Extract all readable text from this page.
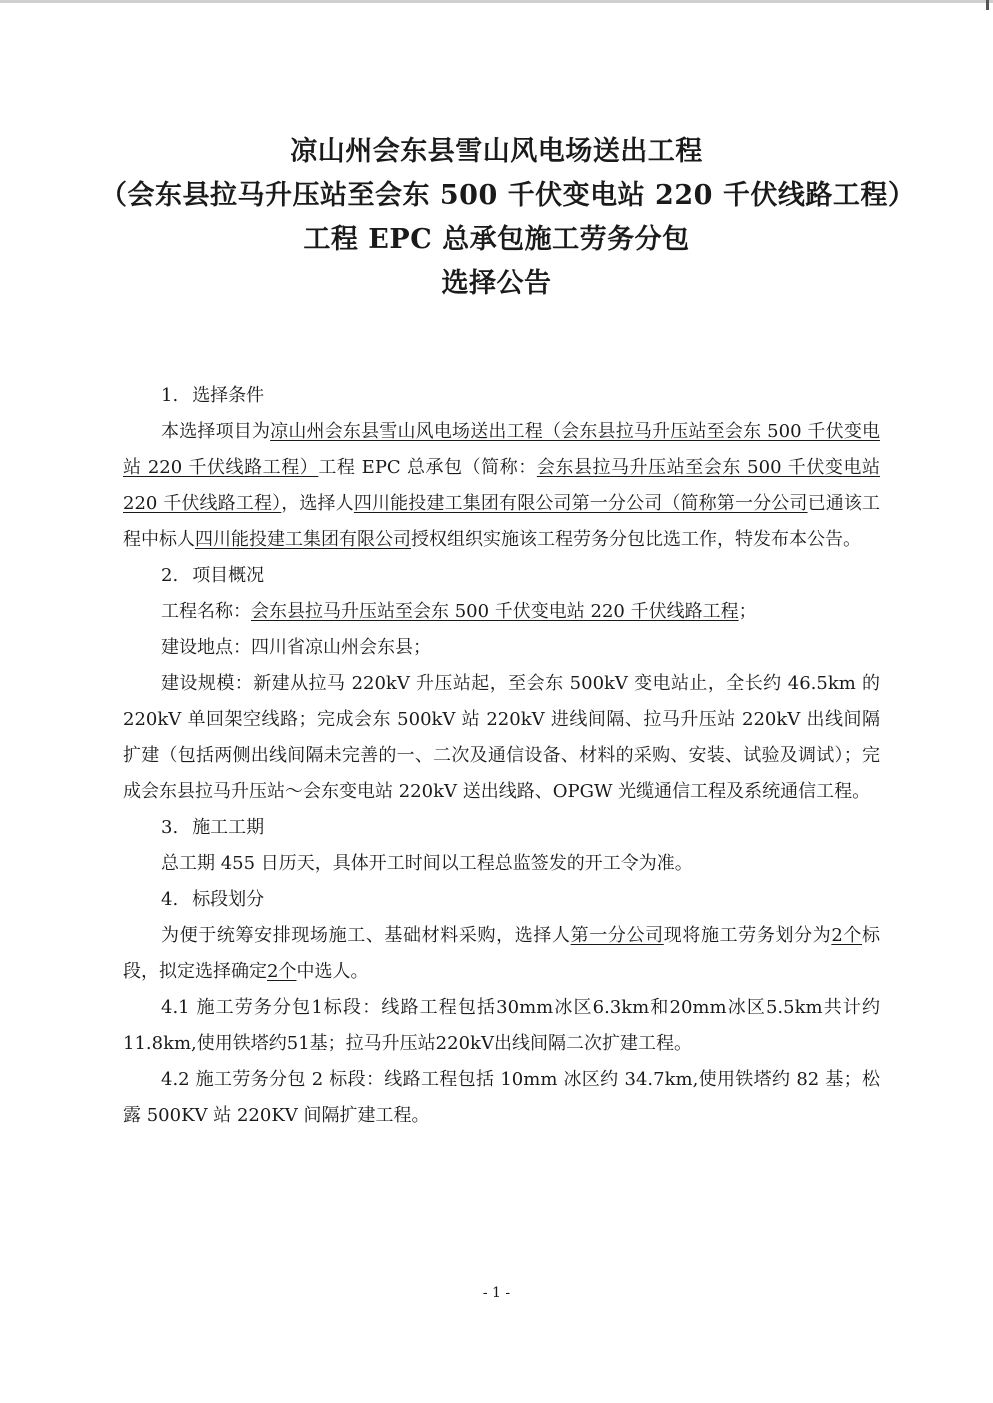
凉山州会东县雪山风电场送出工程
（会东县拉马升压站至会东 500 千伏变电站 220 千伏线路工程）
工程 EPC 总承包施工劳务分包
选择公告
1. 选择条件

本选择项目为凉山州会东县雪山风电场送出工程（会东县拉马升压站至会东 500 千伏变电站 220 千伏线路工程）工程 EPC 总承包（简称：会东县拉马升压站至会东 500 千伏变电站 220 千伏线路工程），选择人四川能投建工集团有限公司第一分公司（简称第一分公司已通该工程中标人四川能投建工集团有限公司授权组织实施该工程劳务分包比选工作，特发布本公告。

2. 项目概况

工程名称：会东县拉马升压站至会东 500 千伏变电站 220 千伏线路工程；

建设地点：四川省凉山州会东县；

建设规模：新建从拉马 220kV 升压站起，至会东 500kV 变电站止，全长约 46.5km 的 220kV 单回架空线路；完成会东 500kV 站 220kV 进线间隔、拉马升压站 220kV 出线间隔扩建（包括两侧出线间隔未完善的一、二次及通信设备、材料的采购、安装、试验及调试）；完成会东县拉马升压站～会东变电站 220kV 送出线路、OPGW 光缆通信工程及系统通信工程。

3. 施工工期

总工期 455 日历天，具体开工时间以工程总监签发的开工令为准。

4. 标段划分

为便于统筹安排现场施工、基础材料采购，选择人第一分公司现将施工劳务划分为2个标段，拟定选择确定2个中选人。

4.1 施工劳务分包1标段：线路工程包括30mm冰区6.3km和20mm冰区5.5km共计约11.8km,使用铁塔约51基；拉马升压站220kV出线间隔二次扩建工程。

4.2 施工劳务分包 2 标段：线路工程包括 10mm 冰区约 34.7km,使用铁塔约 82 基；松露 500KV 站 220KV 间隔扩建工程。

- 1 -
